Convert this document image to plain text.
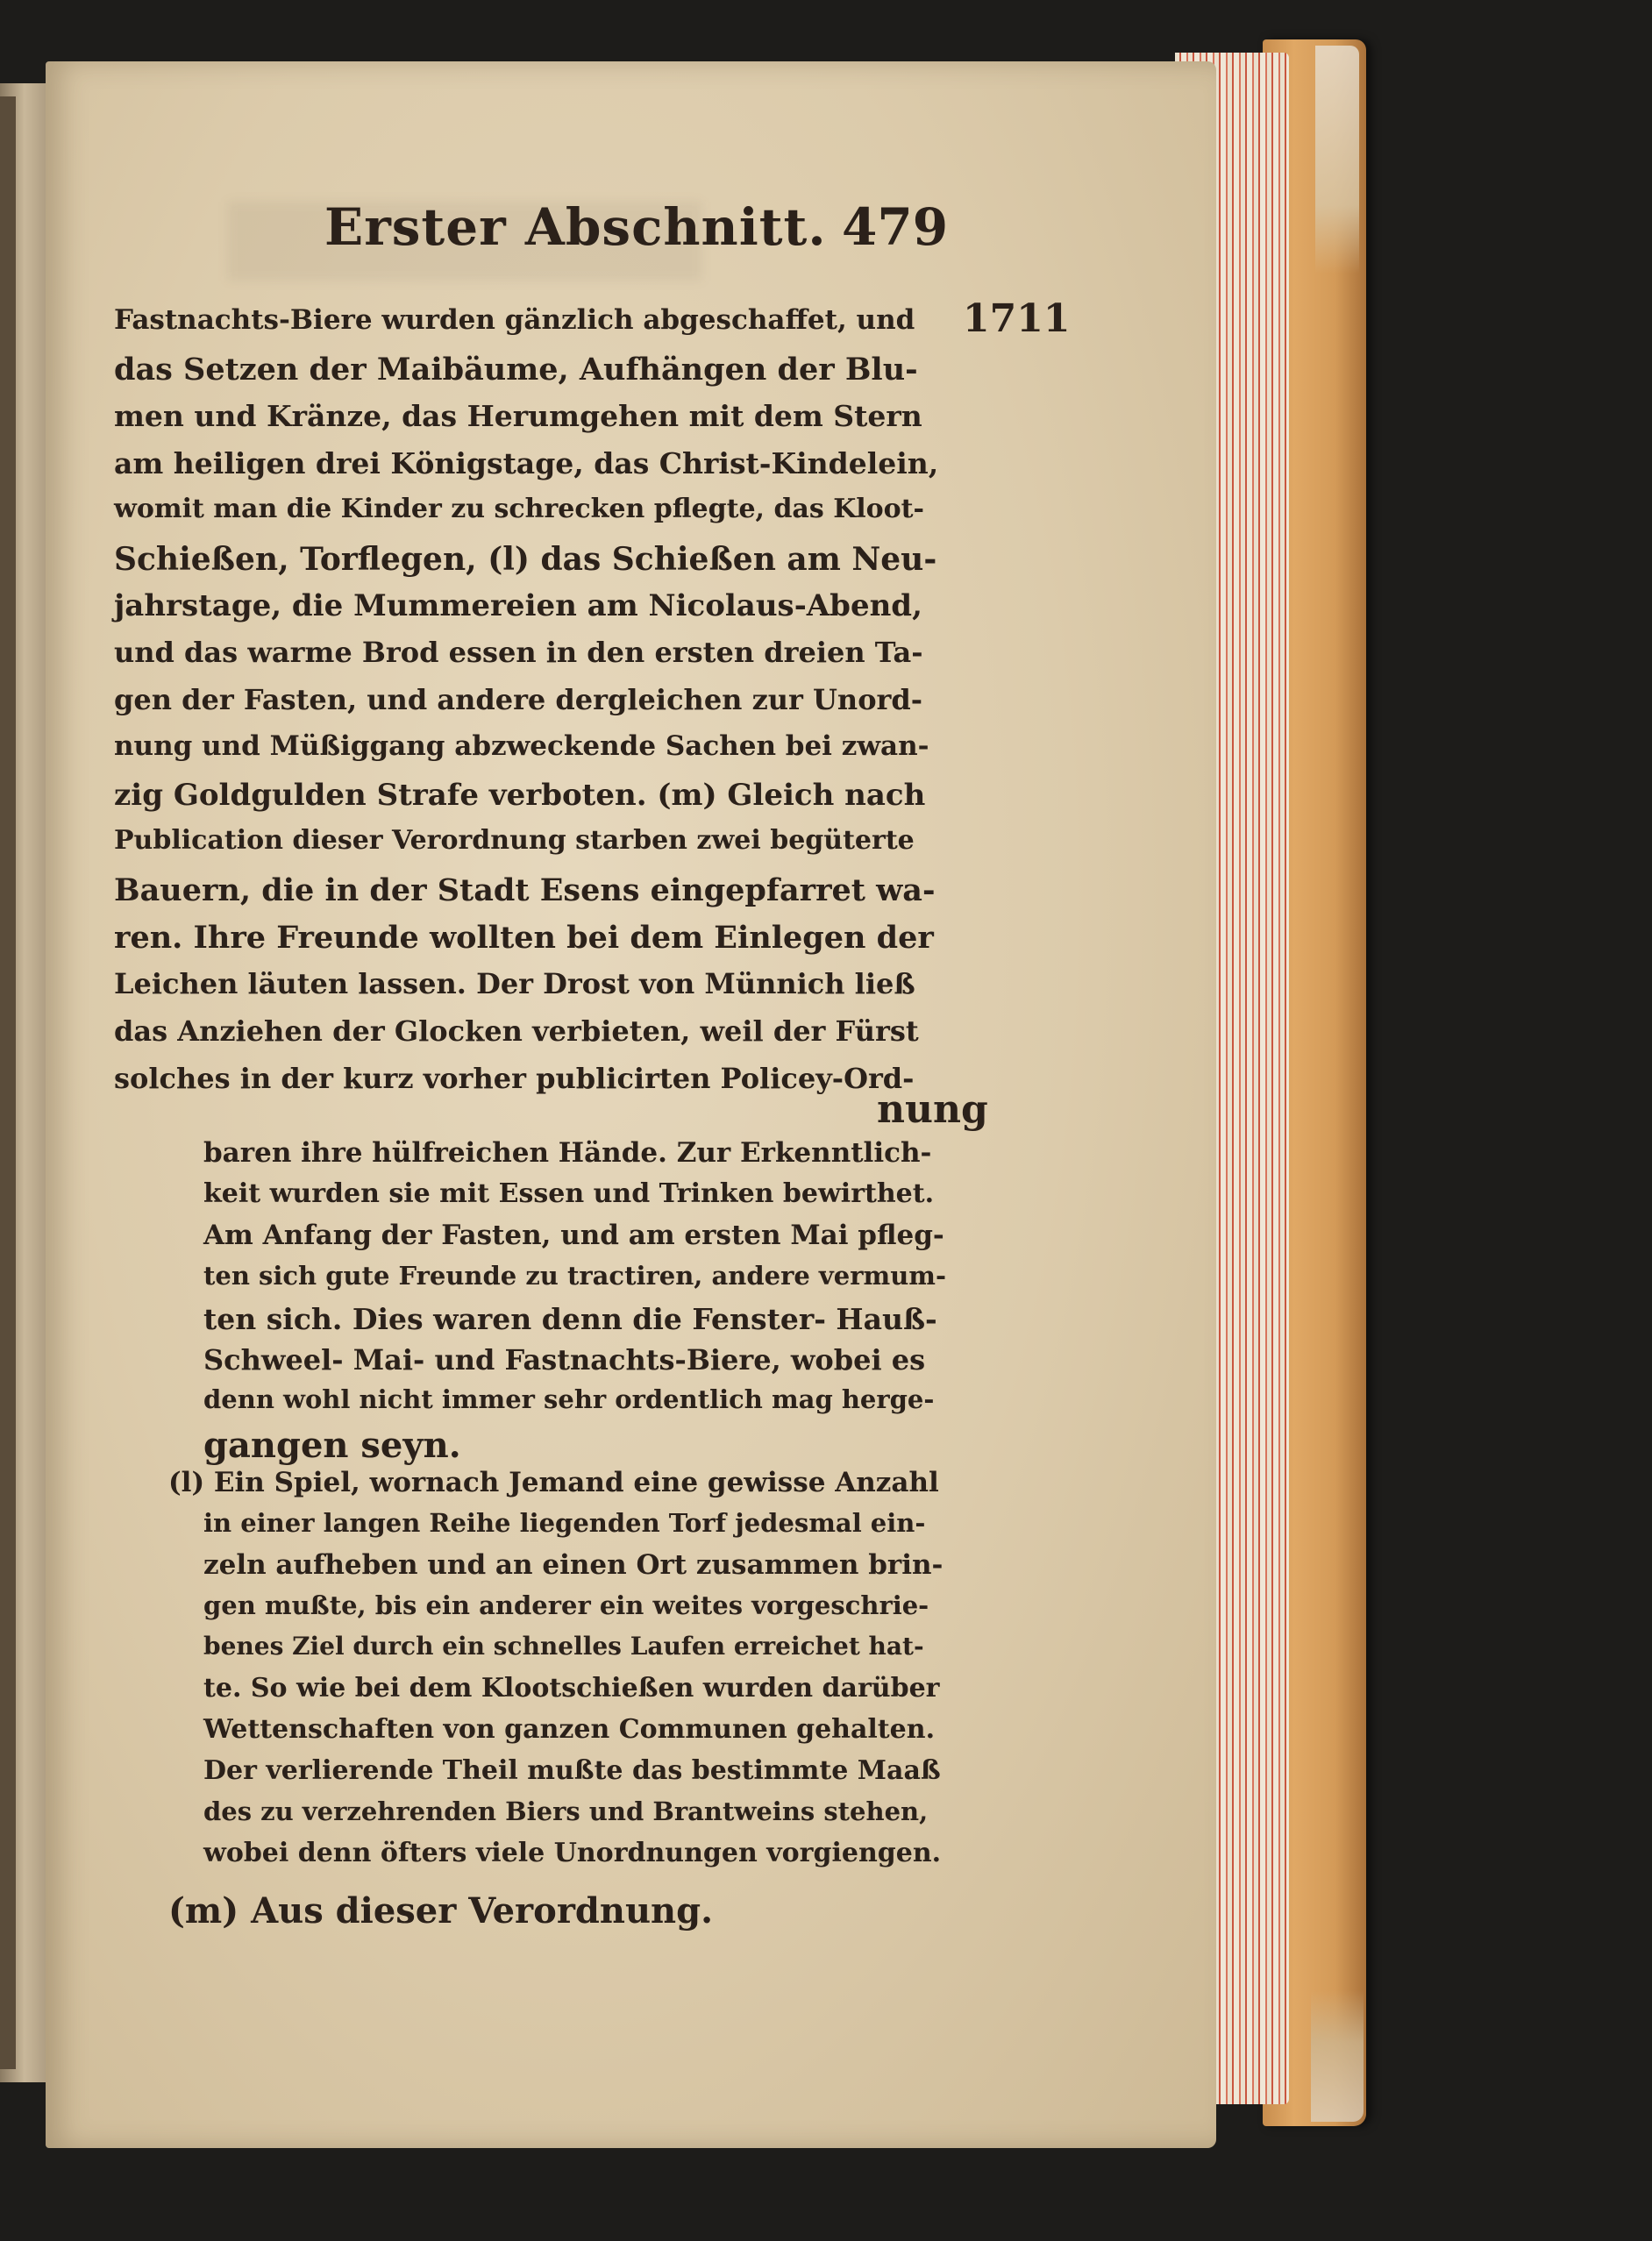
Erster Abschnitt. 479
1711
Fastnachts-Biere wurden gänzlich abgeschaffet, und
das Setzen der Maibäume, Aufhängen der Blu-
men und Kränze, das Herumgehen mit dem Stern
am heiligen drei Königstage, das Christ-Kindelein,
womit man die Kinder zu schrecken pflegte, das Kloot-
Schießen, Torflegen, (l) das Schießen am Neu-
jahrstage, die Mummereien am Nicolaus-Abend,
und das warme Brod essen in den ersten dreien Ta-
gen der Fasten, und andere dergleichen zur Unord-
nung und Müßiggang abzweckende Sachen bei zwan-
zig Goldgulden Strafe verboten. (m) Gleich nach
Publication dieser Verordnung starben zwei begüterte
Bauern, die in der Stadt Esens eingepfarret wa-
ren. Ihre Freunde wollten bei dem Einlegen der
Leichen läuten lassen. Der Drost von Münnich ließ
das Anziehen der Glocken verbieten, weil der Fürst
solches in der kurz vorher publicirten Policey-Ord-
nung
baren ihre hülfreichen Hände. Zur Erkenntlich-
keit wurden sie mit Essen und Trinken bewirthet.
Am Anfang der Fasten, und am ersten Mai pfleg-
ten sich gute Freunde zu tractiren, andere vermum-
ten sich. Dies waren denn die Fenster- Hauß-
Schweel- Mai- und Fastnachts-Biere, wobei es
denn wohl nicht immer sehr ordentlich mag herge-
gangen seyn.
(l) Ein Spiel, wornach Jemand eine gewisse Anzahl
in einer langen Reihe liegenden Torf jedesmal ein-
zeln aufheben und an einen Ort zusammen brin-
gen mußte, bis ein anderer ein weites vorgeschrie-
benes Ziel durch ein schnelles Laufen erreichet hat-
te. So wie bei dem Klootschießen wurden darüber
Wettenschaften von ganzen Communen gehalten.
Der verlierende Theil mußte das bestimmte Maaß
des zu verzehrenden Biers und Brantweins stehen,
wobei denn öfters viele Unordnungen vorgiengen.
(m) Aus dieser Verordnung.
